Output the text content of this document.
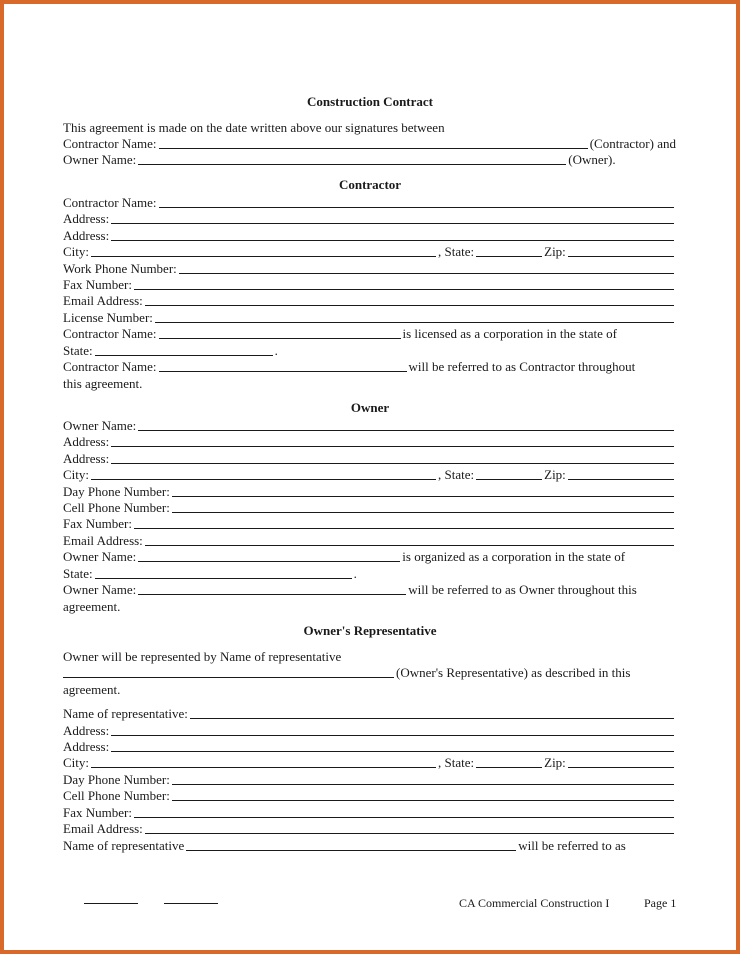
Construction Contract
This agreement is made on the date written above our signatures between
Contractor Name:	(Contractor) and
Owner Name:	(Owner).
Contractor
Contractor Name:
Address:
Address:
City:	, State:	Zip:
Work Phone Number:
Fax Number:
Email Address:
License Number:
Contractor Name:	is licensed as a corporation in the state of
State:	.
Contractor Name:	will be referred to as Contractor throughout
this agreement.
Owner
Owner Name:
Address:
Address:
City:	, State:	Zip:
Day Phone Number:
Cell Phone Number:
Fax Number:
Email Address:
Owner Name:	is organized as a corporation in the state of
State:	.
Owner Name:	will be referred to as Owner throughout this
agreement.
Owner's Representative
Owner will be represented by Name of representative
(Owner's Representative) as described in this
agreement.
Name of representative:
Address:
Address:
City:	, State:	Zip:
Day Phone Number:
Cell Phone Number:
Fax Number:
Email Address:
Name of representative	will be referred to as
CA Commercial Construction I	Page 1
